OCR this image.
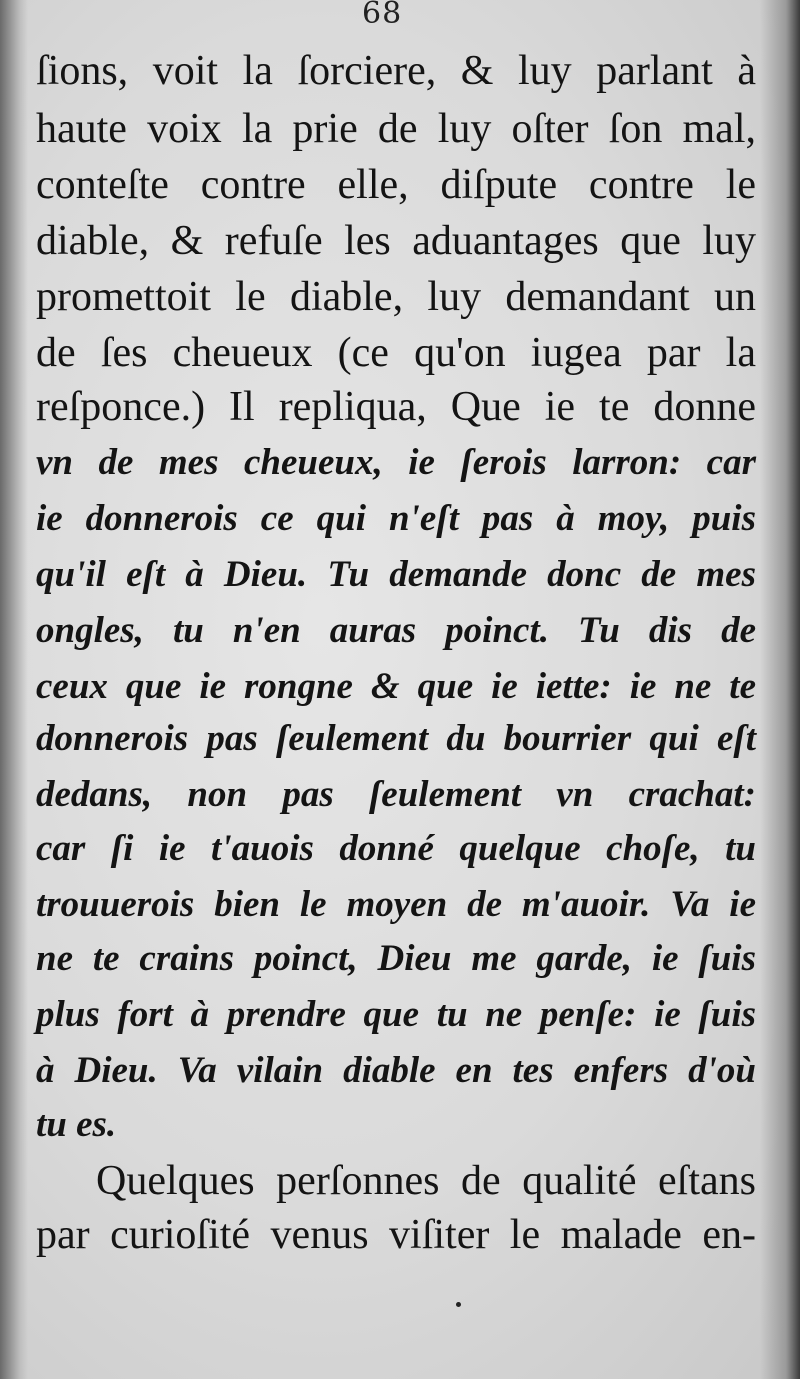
68
ſions, voit la ſorciere, & luy parlant à
haute voix la prie de luy oſter ſon mal,
conteſte contre elle, diſpute contre le
diable, & refuſe les aduantages que luy
promettoit le diable, luy demandant un
de ſes cheueux (ce qu'on iugea par la
reſponce.) Il repliqua, Que ie te donne
vn de mes cheueux, ie ſerois larron: car
ie donnerois ce qui n'eſt pas à moy, puis
qu'il eſt à Dieu. Tu demande donc de mes
ongles, tu n'en auras poinct. Tu dis de
ceux que ie rongne & que ie iette: ie ne te
donnerois pas ſeulement du bourrier qui eſt
dedans, non pas ſeulement vn crachat:
car ſi ie t'auois donné quelque choſe, tu
trouuerois bien le moyen de m'auoir. Va ie
ne te crains poinct, Dieu me garde, ie ſuis
plus fort à prendre que tu ne penſe: ie ſuis
à Dieu. Va vilain diable en tes enfers d'où
tu es.
Quelques perſonnes de qualité eſtans
par curioſité venus viſiter le malade en-
